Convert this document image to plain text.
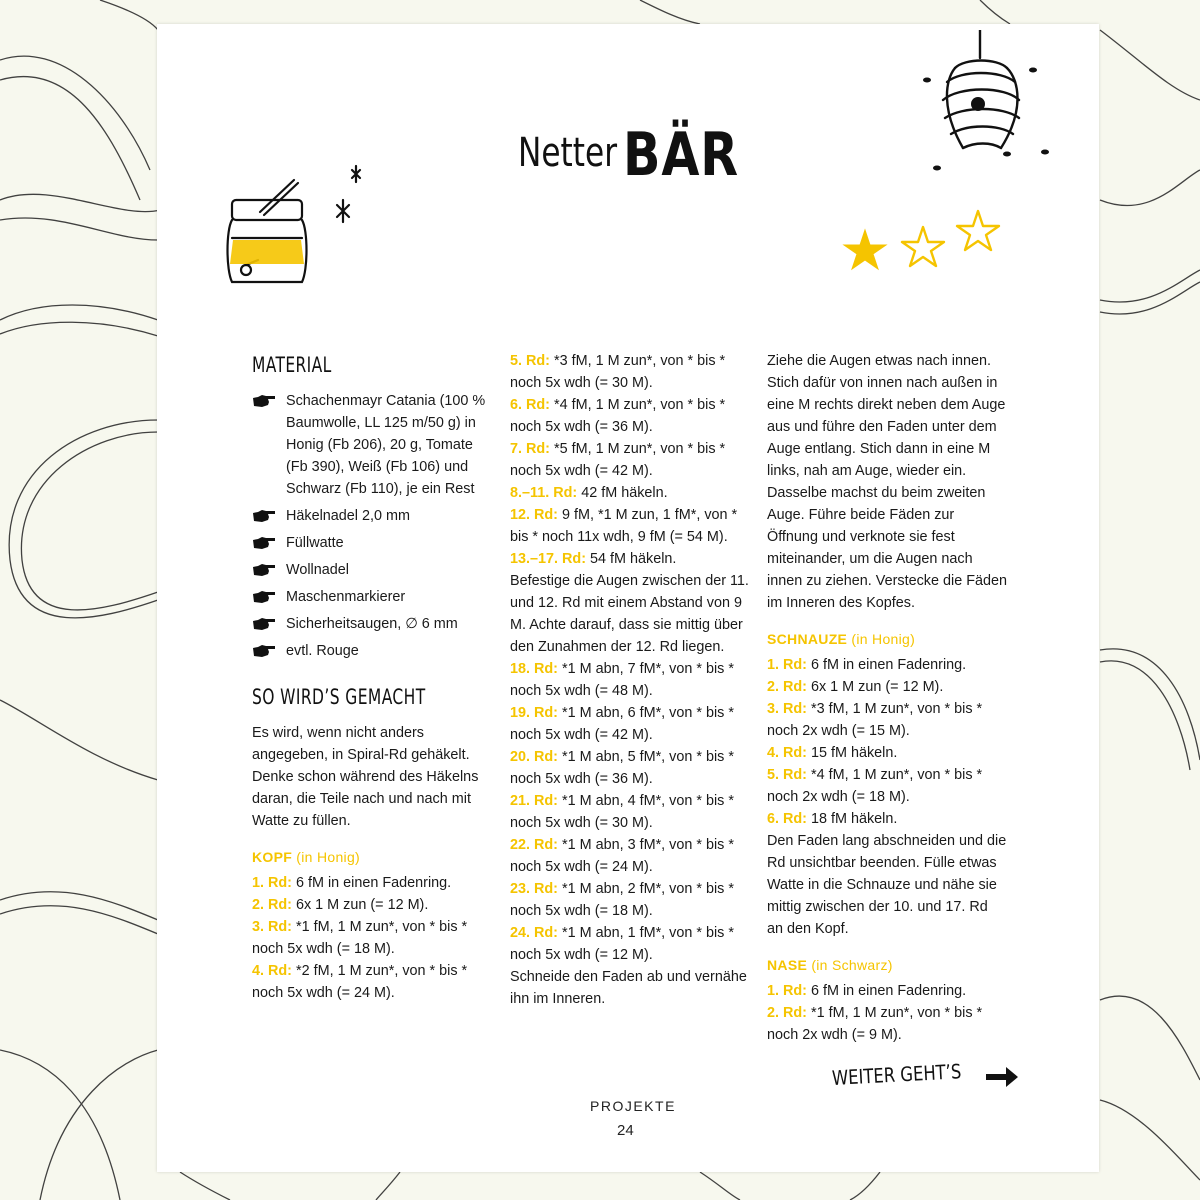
Netter BÄR
MATERIAL
Schachenmayr Catania (100 % Baumwolle, LL 125 m/50 g) in Honig (Fb 206), 20 g, Tomate (Fb 390), Weiß (Fb 106) und Schwarz (Fb 110), je ein Rest
Häkelnadel 2,0 mm
Füllwatte
Wollnadel
Maschenmarkierer
Sicherheitsaugen, ∅ 6 mm
evtl. Rouge
SO WIRD’S GEMACHT

Es wird, wenn nicht anders angegeben, in Spiral-Rd gehäkelt. Denke schon während des Häkelns daran, die Teile nach und nach mit Watte zu füllen.

KOPF (in Honig)

1. Rd: 6 fM in einen Fadenring.

2. Rd: 6x 1 M zun (= 12 M).

3. Rd: *1 fM, 1 M zun*, von * bis * noch 5x wdh (= 18 M).

4. Rd: *2 fM, 1 M zun*, von * bis * noch 5x wdh (= 24 M).

5. Rd: *3 fM, 1 M zun*, von * bis * noch 5x wdh (= 30 M).

6. Rd: *4 fM, 1 M zun*, von * bis * noch 5x wdh (= 36 M).

7. Rd: *5 fM, 1 M zun*, von * bis * noch 5x wdh (= 42 M).

8.–11. Rd: 42 fM häkeln.

12. Rd: 9 fM, *1 M zun, 1 fM*, von * bis * noch 11x wdh, 9 fM (= 54 M).

13.–17. Rd: 54 fM häkeln.

Befestige die Augen zwischen der 11. und 12. Rd mit einem Abstand von 9 M. Achte darauf, dass sie mittig über den Zunahmen der 12. Rd liegen.

18. Rd: *1 M abn, 7 fM*, von * bis * noch 5x wdh (= 48 M).

19. Rd: *1 M abn, 6 fM*, von * bis * noch 5x wdh (= 42 M).

20. Rd: *1 M abn, 5 fM*, von * bis * noch 5x wdh (= 36 M).

21. Rd: *1 M abn, 4 fM*, von * bis * noch 5x wdh (= 30 M).

22. Rd: *1 M abn, 3 fM*, von * bis * noch 5x wdh (= 24 M).

23. Rd: *1 M abn, 2 fM*, von * bis * noch 5x wdh (= 18 M).

24. Rd: *1 M abn, 1 fM*, von * bis * noch 5x wdh (= 12 M).

Schneide den Faden ab und vernähe ihn im Inneren.

Ziehe die Augen etwas nach innen. Stich dafür von innen nach außen in eine M rechts direkt neben dem Auge aus und führe den Faden unter dem Auge entlang. Stich dann in eine M links, nah am Auge, wieder ein. Dasselbe machst du beim zweiten Auge. Führe beide Fäden zur Öffnung und verknote sie fest miteinander, um die Augen nach innen zu ziehen. Verstecke die Fäden im Inneren des Kopfes.

SCHNAUZE (in Honig)

1. Rd: 6 fM in einen Fadenring.

2. Rd: 6x 1 M zun (= 12 M).

3. Rd: *3 fM, 1 M zun*, von * bis * noch 2x wdh (= 15 M).

4. Rd: 15 fM häkeln.

5. Rd: *4 fM, 1 M zun*, von * bis * noch 2x wdh (= 18 M).

6. Rd: 18 fM häkeln.

Den Faden lang abschneiden und die Rd unsichtbar beenden. Fülle etwas Watte in die Schnauze und nähe sie mittig zwischen der 10. und 17. Rd an den Kopf.

NASE (in Schwarz)

1. Rd: 6 fM in einen Fadenring.

2. Rd: *1 fM, 1 M zun*, von * bis * noch 2x wdh (= 9 M).

WEITER GEHT’S
PROJEKTE
24
